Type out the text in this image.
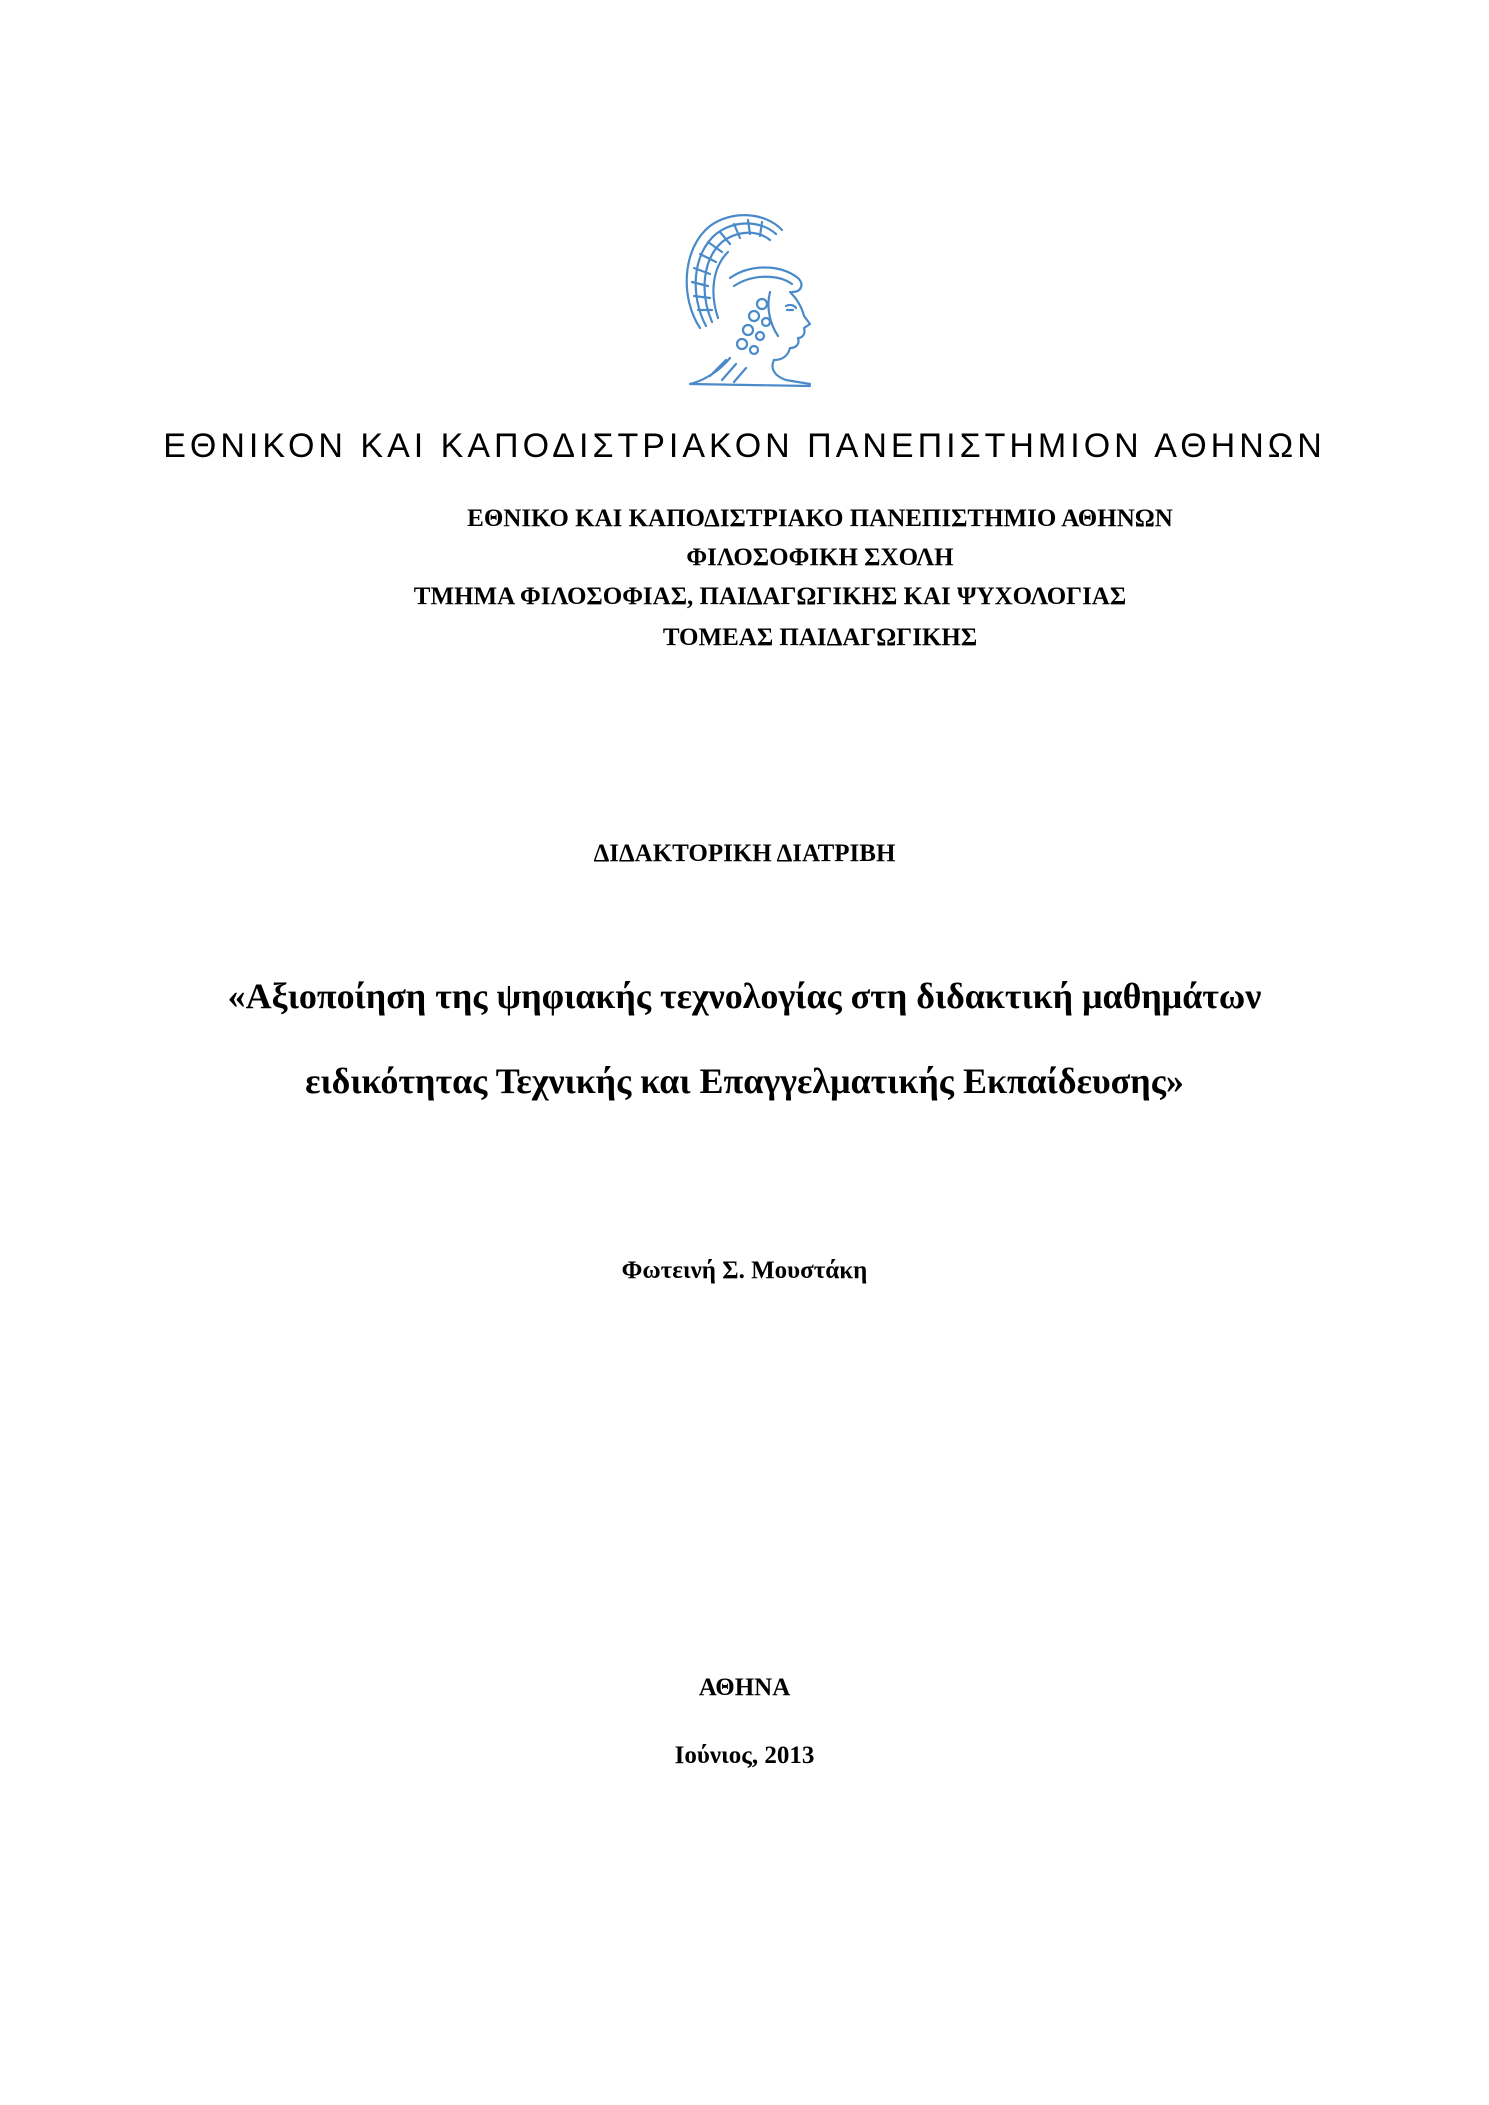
ΕΘΝΙΚΟΝ ΚΑΙ ΚΑΠΟΔΙΣΤΡΙΑΚΟΝ ΠΑΝΕΠΙΣΤΗΜΙΟΝ ΑΘΗΝΩΝ
ΕΘΝΙΚΟ ΚΑΙ ΚΑΠΟΔΙΣΤΡΙΑΚΟ ΠΑΝΕΠΙΣΤΗΜΙΟ ΑΘΗΝΩΝ
ΦΙΛΟΣΟΦΙΚΗ ΣΧΟΛΗ
ΤΜΗΜΑ ΦΙΛΟΣΟΦΙΑΣ, ΠΑΙΔΑΓΩΓΙΚΗΣ ΚΑΙ ΨΥΧΟΛΟΓΙΑΣ
ΤΟΜΕΑΣ ΠΑΙΔΑΓΩΓΙΚΗΣ
ΔΙΔΑΚΤΟΡΙΚΗ ΔΙΑΤΡΙΒΗ
«Αξιοποίηση της ψηφιακής τεχνολογίας στη διδακτική μαθημάτων
ειδικότητας Τεχνικής και Επαγγελματικής Εκπαίδευσης»
Φωτεινή Σ. Μουστάκη
ΑΘΗΝΑ
Ιούνιος, 2013
